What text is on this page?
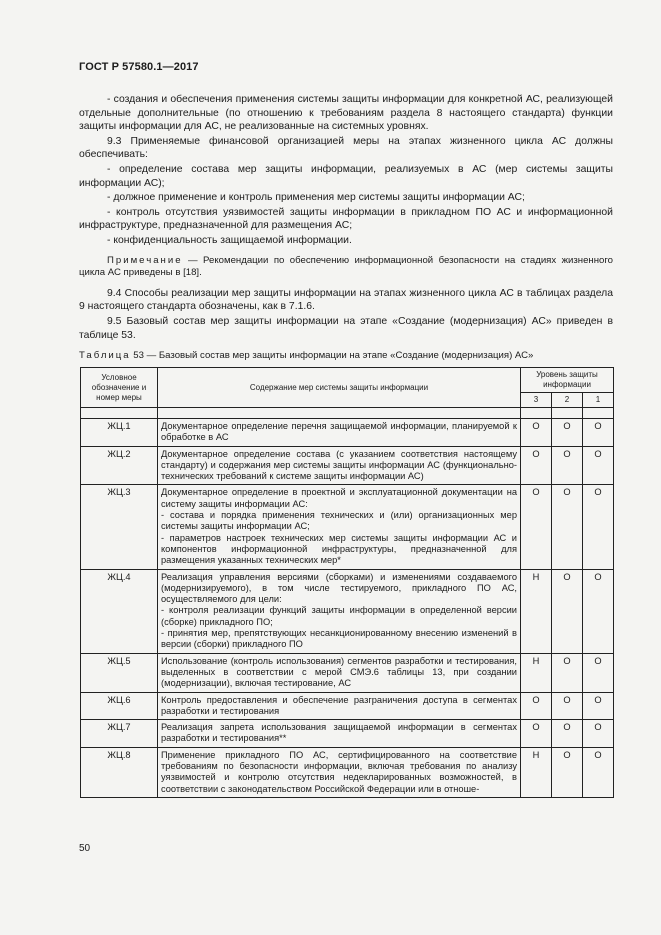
ГОСТ Р 57580.1—2017

- создания и обеспечения применения системы защиты информации для конкретной АС, реализующей отдельные дополнительные (по отношению к требованиям раздела 8 настоящего стандарта) функции защиты информации для АС, не реализованные на системных уровнях.

9.3 Применяемые финансовой организацией меры на этапах жизненного цикла АС должны обеспечивать:

- определение состава мер защиты информации, реализуемых в АС (мер системы защиты информации АС);

- должное применение и контроль применения мер системы защиты информации АС;

- контроль отсутствия уязвимостей защиты информации в прикладном ПО АС и информационной инфраструктуре, предназначенной для размещения АС;

- конфиденциальность защищаемой информации.

Примечание — Рекомендации по обеспечению информационной безопасности на стадиях жизненного цикла АС приведены в [18].

9.4 Способы реализации мер защиты информации на этапах жизненного цикла АС в таблицах раздела 9 настоящего стандарта обозначены, как в 7.1.6.

9.5 Базовый состав мер защиты информации на этапе «Создание (модернизация) АС» приведен в таблице 53.

Таблица 53 — Базовый состав мер защиты информации на этапе «Создание (модернизация) АС»
Условное обозначение и номер меры	Содержание мер системы защиты информации	Уровень защиты информации		
		3	2	1

ЖЦ.1	Документарное определение перечня защищаемой информации, планируемой к обработке в АС	О	О	О
ЖЦ.2	Документарное определение состава (с указанием соответствия настоящему стандарту) и содержания мер системы защиты информации АС (функционально-технических требований к системе защиты информации АС)	О	О	О
ЖЦ.3	Документарное определение в проектной и эксплуатационной документации на систему защиты информации АС:
- состава и порядка применения технических и (или) организационных мер системы защиты информации АС;
- параметров настроек технических мер системы защиты информации АС и компонентов информационной инфраструктуры, предназначенной для размещения указанных технических мер*	О	О	О
ЖЦ.4	Реализация управления версиями (сборками) и изменениями создаваемого (модернизируемого), в том числе тестируемого, прикладного ПО АС, осуществляемого для цели:
- контроля реализации функций защиты информации в определенной версии (сборке) прикладного ПО;
- принятия мер, препятствующих несанкционированному внесению изменений в версии (сборки) прикладного ПО	Н	О	О
ЖЦ.5	Использование (контроль использования) сегментов разработки и тестирования, выделенных в соответствии с мерой СМЭ.6 таблицы 13, при создании (модернизации), включая тестирование, АС	Н	О	О
ЖЦ.6	Контроль предоставления и обеспечение разграничения доступа в сегментах разработки и тестирования	О	О	О
ЖЦ.7	Реализация запрета использования защищаемой информации в сегментах разработки и тестирования**	О	О	О
ЖЦ.8	Применение прикладного ПО АС, сертифицированного на соответствие требованиям по безопасности информации, включая требования по анализу уязвимостей и контролю отсутствия недекларированных возможностей, в соответствии с законодательством Российской Федерации или в отноше-	Н	О	О
50
